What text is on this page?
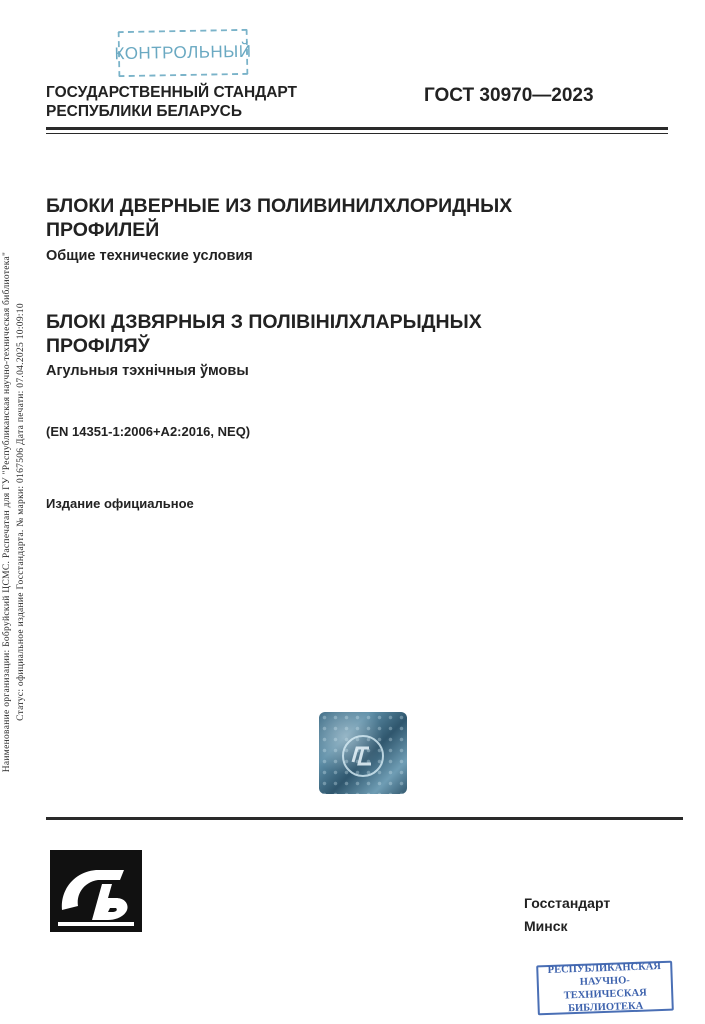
Наименование организации: Бобруйский ЦСМС. Распечатан для ГУ "Республиканская научно-техническая библиотека" Статус: официальное издание Госстандарта. № марки: 0167506 Дата печати: 07.04.2025 10:09:10
КОНТРОЛЬНЫЙ
ГОСУДАРСТВЕННЫЙ СТАНДАРТ
РЕСПУБЛИКИ БЕЛАРУСЬ
ГОСТ 30970—2023
БЛОКИ ДВЕРНЫЕ ИЗ ПОЛИВИНИЛХЛОРИДНЫХ
ПРОФИЛЕЙ
Общие технические условия
БЛОКІ ДЗВЯРНЫЯ З ПОЛІВІНІЛХЛАРЫДНЫХ
ПРОФІЛЯЎ
Агульныя тэхнічныя ўмовы
(EN 14351-1:2006+A2:2016, NEQ)
Издание официальное
Госстандарт
Минск
РЕСПУБЛИКАНСКАЯ
НАУЧНО-ТЕХНИЧЕСКАЯ
БИБЛИОТЕКА
